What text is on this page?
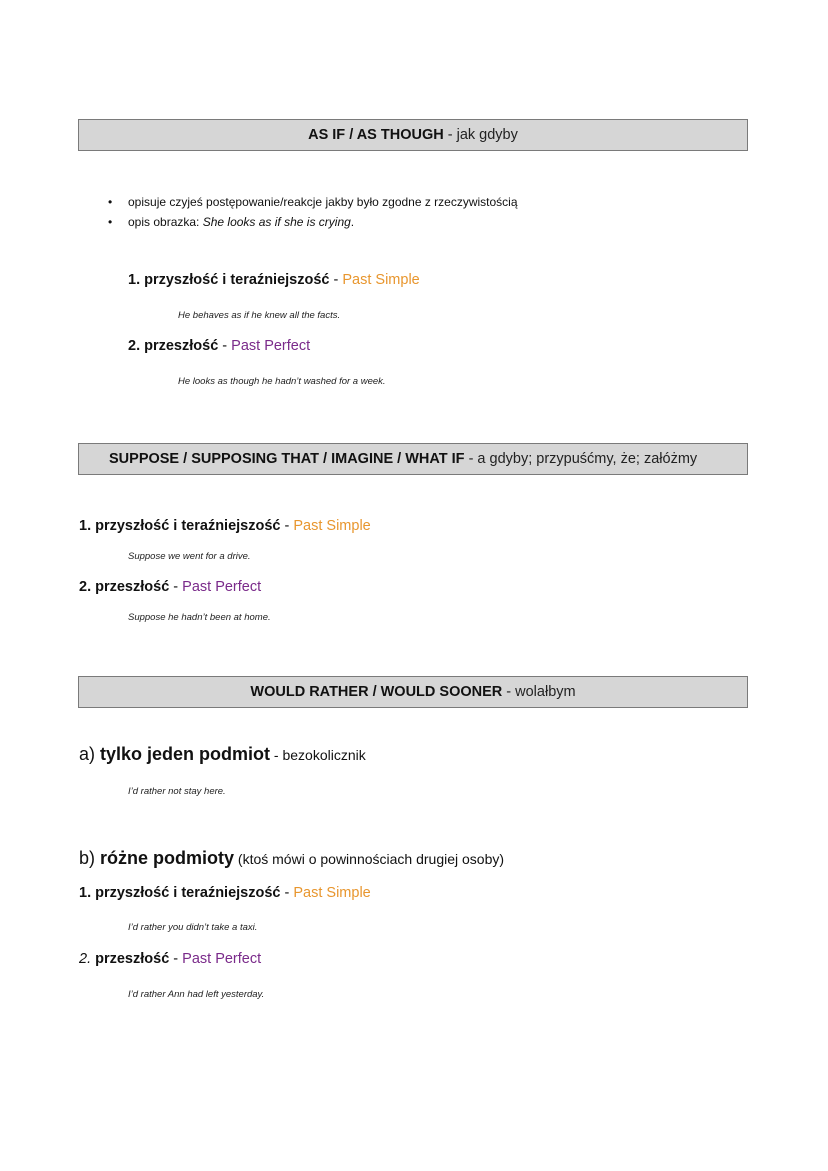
AS IF / AS THOUGH - jak gdyby
• opisuje czyjeś postępowanie/reakcje jakby było zgodne z rzeczywistością
• opis obrazka: She looks as if she is crying.
1. przyszłość i teraźniejszość - Past Simple
He behaves as if he knew all the facts.
2. przeszłość - Past Perfect
He looks as though he hadn’t washed for a week.
SUPPOSE / SUPPOSING THAT / IMAGINE / WHAT IF - a gdyby; przypuśćmy, że; załóżmy
1. przyszłość i teraźniejszość - Past Simple
Suppose we went for a drive.
2. przeszłość - Past Perfect
Suppose he hadn’t been at home.
WOULD RATHER / WOULD SOONER - wolałbym
a) tylko jeden podmiot - bezokolicznik
I’d rather not stay here.
b) różne podmioty (ktoś mówi o powinnościach drugiej osoby)
1. przyszłość i teraźniejszość - Past Simple
I’d rather you didn’t take a taxi.
2. przeszłość - Past Perfect
I’d rather Ann had left yesterday.
